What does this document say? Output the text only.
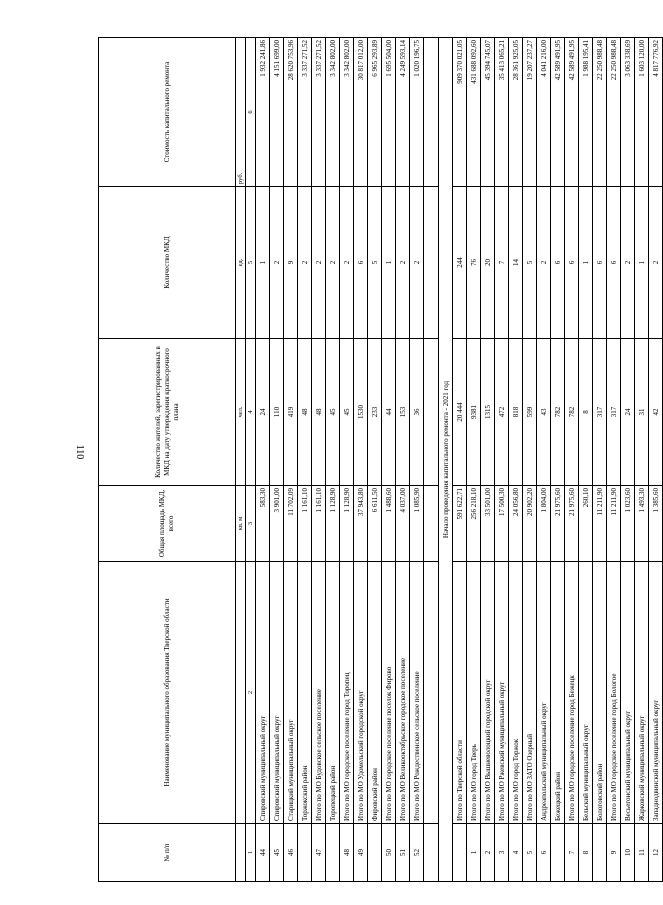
110
№ п/п	Наименование муниципального образования Тверской области	Общая площадь МКД, всего	Количество жителей, зарегистрированных в МКД на дату утверждения краткосрочного плана	Количество МКД	Стоимость капитального ремонта
		кв. м	чел.	ед.	руб.
1	2	3	4	5	6
44	Спировский муниципальный округ	583,30	24	1	1 932 241,86
45	Спировский муниципальный округ	3 901,00	110	2	4 151 699,00
46	Старицкий муниципальный округ	11 702,09	419	9	28 620 753,96
	Торжокский район	1 161,10	48	2	3 337 271,52
47	Итого по МО Будовское сельское поселение	1 161,10	48	2	3 337 271,52
	Торопецкий район	1 128,90	45	2	3 342 802,00
48	Итого по МО городское поселение город Торопец	1 128,90	45	2	3 342 802,00
49	Итого по МО Удомельский городской округ	37 943,80	1530	6	30 817 012,00
	Фировский район	6 611,50	233	5	6 965 293,89
50	Итого по МО городское поселение поселок Фирово	1 488,60	44	1	1 695 504,00
51	Итого по МО Великооктябрьское городское поселение	4 037,00	153	2	4 249 593,14
52	Итого по МО Рождественское сельское поселение	1 085,90	36	2	1 020 196,75

Начало проведения капитального ремонта - 2021 год					
	Итого по Тверской области	591 622,71	20 444	244	909 370 021,05
1	Итого по МО город Тверь	256 218,10	9381	76	431 688 092,60
2	Итого по МО Вышневолоцкий городской округ	33 501,00	1315	20	45 394 745,07
3	Итого по МО Ржевский муниципальный округ	17 500,30	472	7	35 413 065,21
4	Итого по МО город Торжок	24 056,80	818	14	28 361 925,05
5	Итого по МО ЗАТО Озерный	20 902,20	599	5	19 207 237,27
6	Андреапольский муниципальный округ	1 804,00	43	2	4 041 216,00
	Бежецкий район	21 975,60	782	6	42 589 491,95
7	Итого по МО городское поселение город Бежецк	21 975,60	782	6	42 589 491,95
8	Бельский муниципальный округ	260,10	8	1	1 988 195,41
	Бологовский район	11 211,90	317	6	22 250 988,48
9	Итого по МО городское поселение город Бологое	11 211,90	317	6	22 250 988,48
10	Весьегонский муниципальный округ	1 023,60	24	2	3 063 338,69
11	Жарковский муниципальный округ	1 493,30	31	1	1 603 120,00
12	Западнодвинский муниципальный округ	1 385,60	42	2	4 817 776,92
